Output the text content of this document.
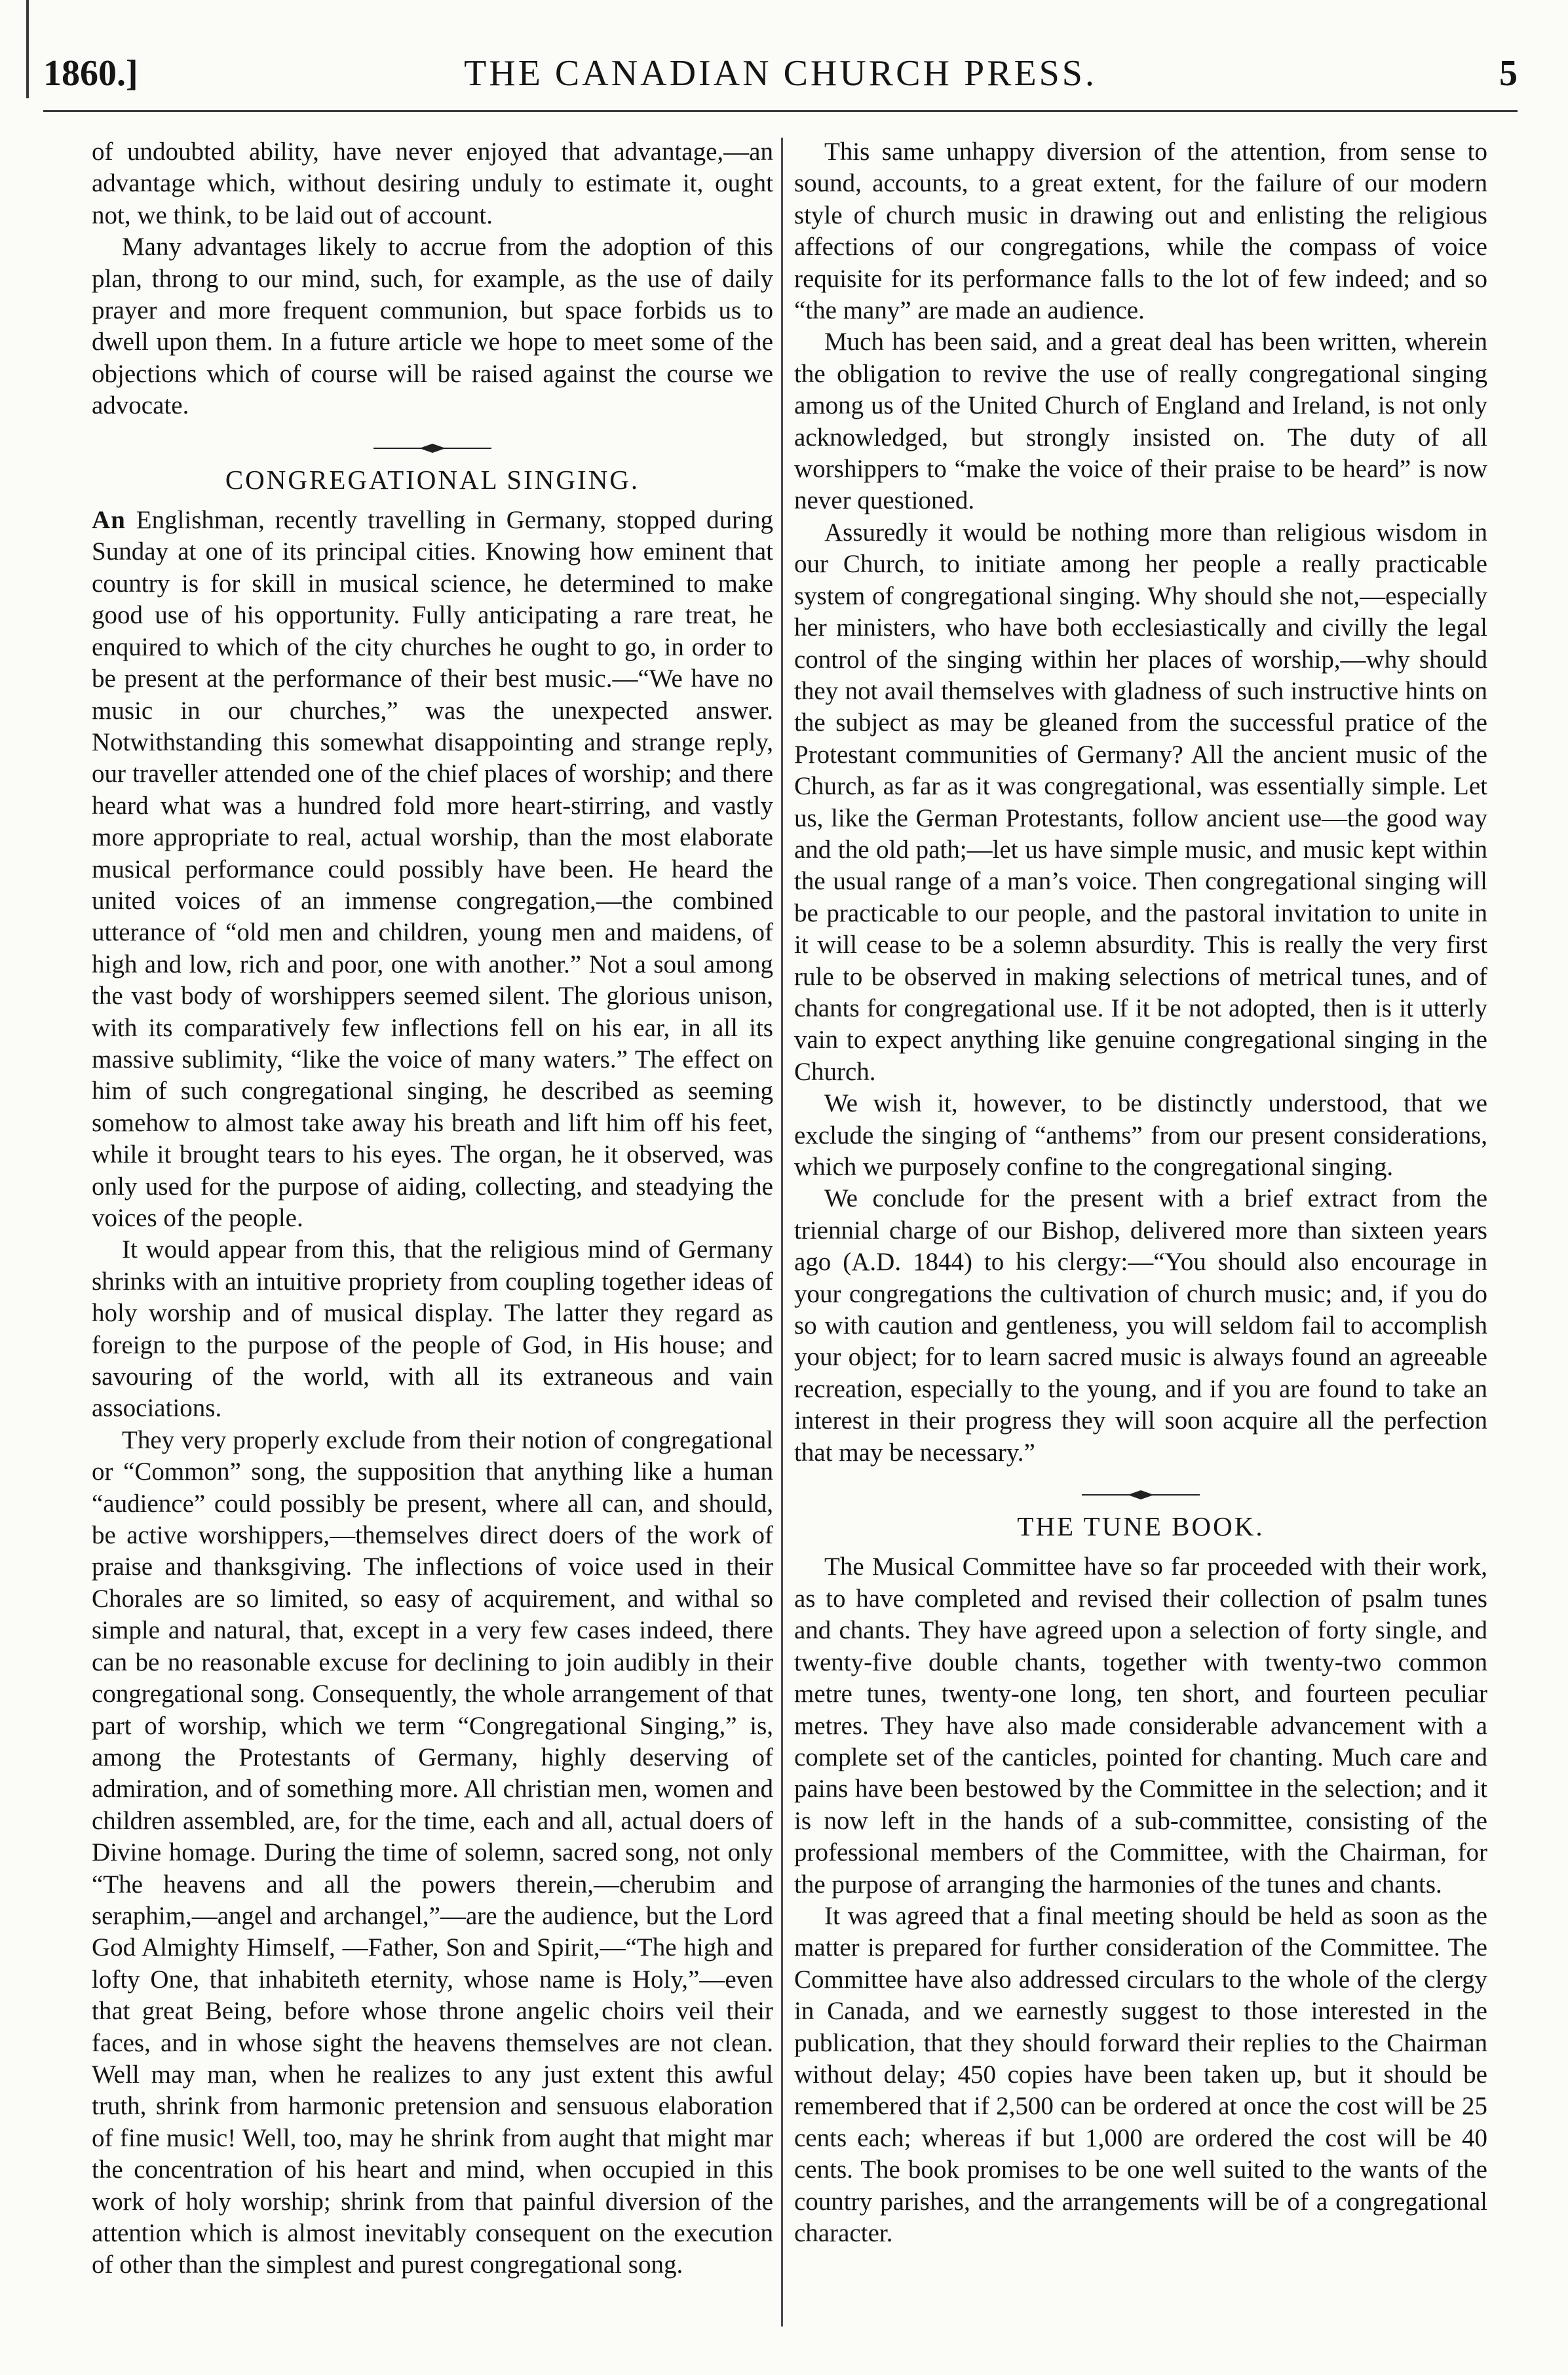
1860.]	THE CANADIAN CHURCH PRESS.	5

of undoubted ability, have never enjoyed that advantage,—an advantage which, without desiring unduly to estimate it, ought not, we think, to be laid out of account.

Many advantages likely to accrue from the adoption of this plan, throng to our mind, such, for example, as the use of daily prayer and more frequent communion, but space forbids us to dwell upon them. In a future article we hope to meet some of the objections which of course will be raised against the course we advocate.

CONGREGATIONAL SINGING.

An Englishman, recently travelling in Germany, stopped during Sunday at one of its principal cities. Knowing how eminent that country is for skill in musical science, he determined to make good use of his opportunity. Fully anticipating a rare treat, he enquired to which of the city churches he ought to go, in order to be present at the performance of their best music.—“We have no music in our churches,” was the unexpected answer. Notwithstanding this somewhat disappointing and strange reply, our traveller attended one of the chief places of worship; and there heard what was a hundred fold more heart-stirring, and vastly more appropriate to real, actual worship, than the most elaborate musical performance could possibly have been. He heard the united voices of an immense congregation,—the combined utterance of “old men and children, young men and maidens, of high and low, rich and poor, one with another.” Not a soul among the vast body of worshippers seemed silent. The glorious unison, with its comparatively few inflections fell on his ear, in all its massive sublimity, “like the voice of many waters.” The effect on him of such congregational singing, he described as seeming somehow to almost take away his breath and lift him off his feet, while it brought tears to his eyes. The organ, he it observed, was only used for the purpose of aiding, collecting, and steadying the voices of the people.

It would appear from this, that the religious mind of Germany shrinks with an intuitive propriety from coupling together ideas of holy worship and of musical display. The latter they regard as foreign to the purpose of the people of God, in His house; and savouring of the world, with all its extraneous and vain associations.

They very properly exclude from their notion of congregational or “Common” song, the supposition that anything like a human “audience” could possibly be present, where all can, and should, be active worshippers,—themselves direct doers of the work of praise and thanksgiving. The inflections of voice used in their Chorales are so limited, so easy of acquirement, and withal so simple and natural, that, except in a very few cases indeed, there can be no reasonable excuse for declining to join audibly in their congregational song. Consequently, the whole arrangement of that part of worship, which we term “Congregational Singing,” is, among the Protestants of Germany, highly deserving of admiration, and of something more. All christian men, women and children assembled, are, for the time, each and all, actual doers of Divine homage. During the time of solemn, sacred song, not only “The heavens and all the powers therein,—cherubim and seraphim,—angel and archangel,”—are the audience, but the Lord God Almighty Himself, —Father, Son and Spirit,—“The high and lofty One, that inhabiteth eternity, whose name is Holy,”—even that great Being, before whose throne angelic choirs veil their faces, and in whose sight the heavens themselves are not clean. Well may man, when he realizes to any just extent this awful truth, shrink from harmonic pretension and sensuous elaboration of fine music! Well, too, may he shrink from aught that might mar the concentration of his heart and mind, when occupied in this work of holy worship; shrink from that painful diversion of the attention which is almost inevitably consequent on the execution of other than the simplest and purest congregational song.

This same unhappy diversion of the attention, from sense to sound, accounts, to a great extent, for the failure of our modern style of church music in drawing out and enlisting the religious affections of our congregations, while the compass of voice requisite for its performance falls to the lot of few indeed; and so “the many” are made an audience.

Much has been said, and a great deal has been written, wherein the obligation to revive the use of really congregational singing among us of the United Church of England and Ireland, is not only acknowledged, but strongly insisted on. The duty of all worshippers to “make the voice of their praise to be heard” is now never questioned.

Assuredly it would be nothing more than religious wisdom in our Church, to initiate among her people a really practicable system of congregational singing. Why should she not,—especially her ministers, who have both ecclesiastically and civilly the legal control of the singing within her places of worship,—why should they not avail themselves with gladness of such instructive hints on the subject as may be gleaned from the successful pratice of the Protestant communities of Germany? All the ancient music of the Church, as far as it was congregational, was essentially simple. Let us, like the German Protestants, follow ancient use—the good way and the old path;—let us have simple music, and music kept within the usual range of a man’s voice. Then congregational singing will be practicable to our people, and the pastoral invitation to unite in it will cease to be a solemn absurdity. This is really the very first rule to be observed in making selections of metrical tunes, and of chants for congregational use. If it be not adopted, then is it utterly vain to expect anything like genuine congregational singing in the Church.

We wish it, however, to be distinctly understood, that we exclude the singing of “anthems” from our present considerations, which we purposely confine to the congregational singing.

We conclude for the present with a brief extract from the triennial charge of our Bishop, delivered more than sixteen years ago (A.D. 1844) to his clergy:—“You should also encourage in your congregations the cultivation of church music; and, if you do so with caution and gentleness, you will seldom fail to accomplish your object; for to learn sacred music is always found an agreeable recreation, especially to the young, and if you are found to take an interest in their progress they will soon acquire all the perfection that may be necessary.”

THE TUNE BOOK.

The Musical Committee have so far proceeded with their work, as to have completed and revised their collection of psalm tunes and chants. They have agreed upon a selection of forty single, and twenty-five double chants, together with twenty-two common metre tunes, twenty-one long, ten short, and fourteen peculiar metres. They have also made considerable advancement with a complete set of the canticles, pointed for chanting. Much care and pains have been bestowed by the Committee in the selection; and it is now left in the hands of a sub-committee, consisting of the professional members of the Committee, with the Chairman, for the purpose of arranging the harmonies of the tunes and chants.

It was agreed that a final meeting should be held as soon as the matter is prepared for further consideration of the Committee. The Committee have also addressed circulars to the whole of the clergy in Canada, and we earnestly suggest to those interested in the publication, that they should forward their replies to the Chairman without delay; 450 copies have been taken up, but it should be remembered that if 2,500 can be ordered at once the cost will be 25 cents each; whereas if but 1,000 are ordered the cost will be 40 cents. The book promises to be one well suited to the wants of the country parishes, and the arrangements will be of a congregational character.
